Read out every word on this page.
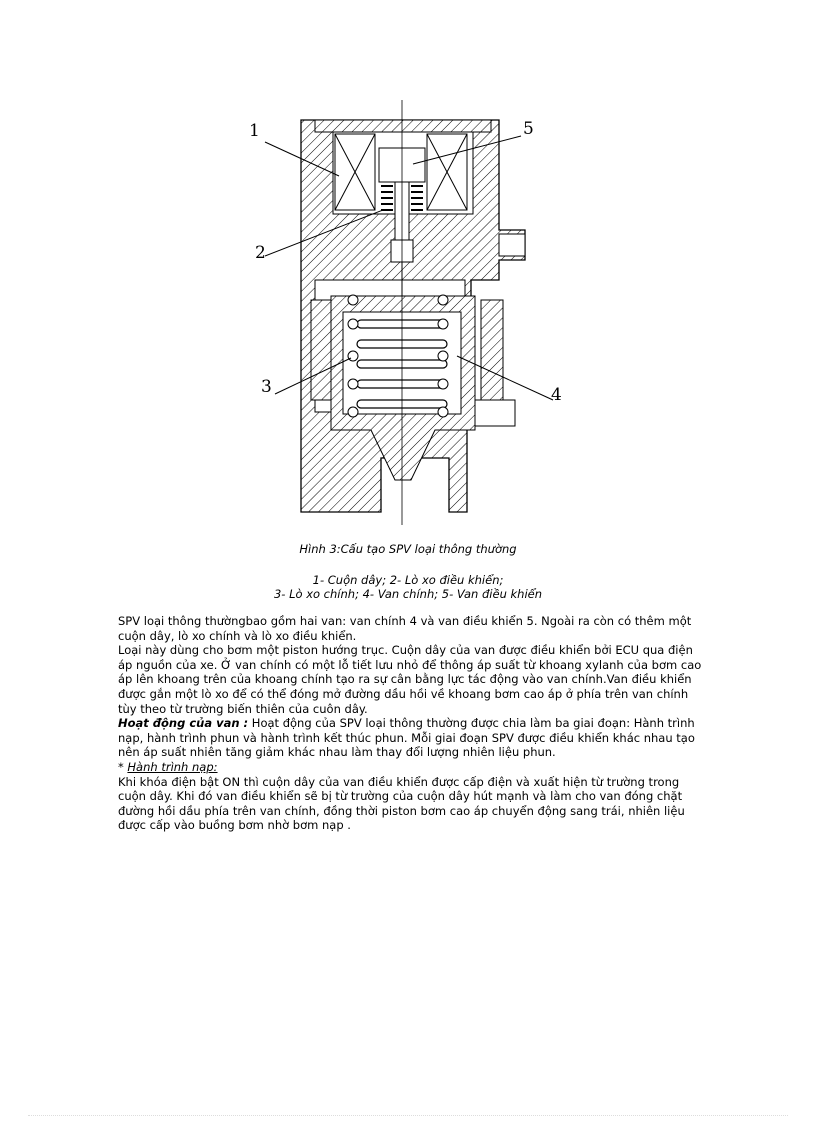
1
2
3	4
5
Hình 3:Cấu tạo SPV loại thông thường
1- Cuộn dây; 2- Lò xo điều khiển;
3- Lò xo chính; 4- Van chính; 5- Van điều khiển

SPV loại thông thườngbao gồm hai van: van chính 4 và van điều khiển 5. Ngoài ra còn có thêm một cuộn dây, lò xo chính và lò xo điều khiển.

Loại này dùng cho bơm một piston hướng trục. Cuộn dây của van được điều khiển bởi ECU qua điện áp nguồn của xe. Ở van chính có một lỗ tiết lưu nhỏ để thông áp suất từ khoang xylanh của bơm cao áp lên khoang trên của khoang chính tạo ra sự cân bằng lực tác động vào van chính.Van điều khiển được gắn một lò xo để có thể đóng mở đường dầu hồi về khoang bơm cao áp ở phía trên van chính tùy theo từ trường biến thiên của cuôn dây.

Hoạt động của van : Hoạt động của SPV loại thông thường được chia làm ba giai đoạn: Hành trình nạp, hành trình phun và hành trình kết thúc phun. Mỗi giai đoạn SPV được điều khiển khác nhau tạo nên áp suất nhiên tăng giảm khác nhau làm thay đổi lượng nhiên liệu phun.

* Hành trình nạp:

Khi khóa điện bật ON thì cuộn dây của van điều khiển được cấp điện và xuất hiện từ trường trong cuộn dây. Khi đó van điều khiển sẽ bị từ trường của cuộn dây hút mạnh và làm cho van đóng chặt đường hồi dầu phía trên van chính, đồng thời piston bơm cao áp chuyển động sang trái, nhiên liệu được cấp vào buồng bơm nhờ bơm nạp .
